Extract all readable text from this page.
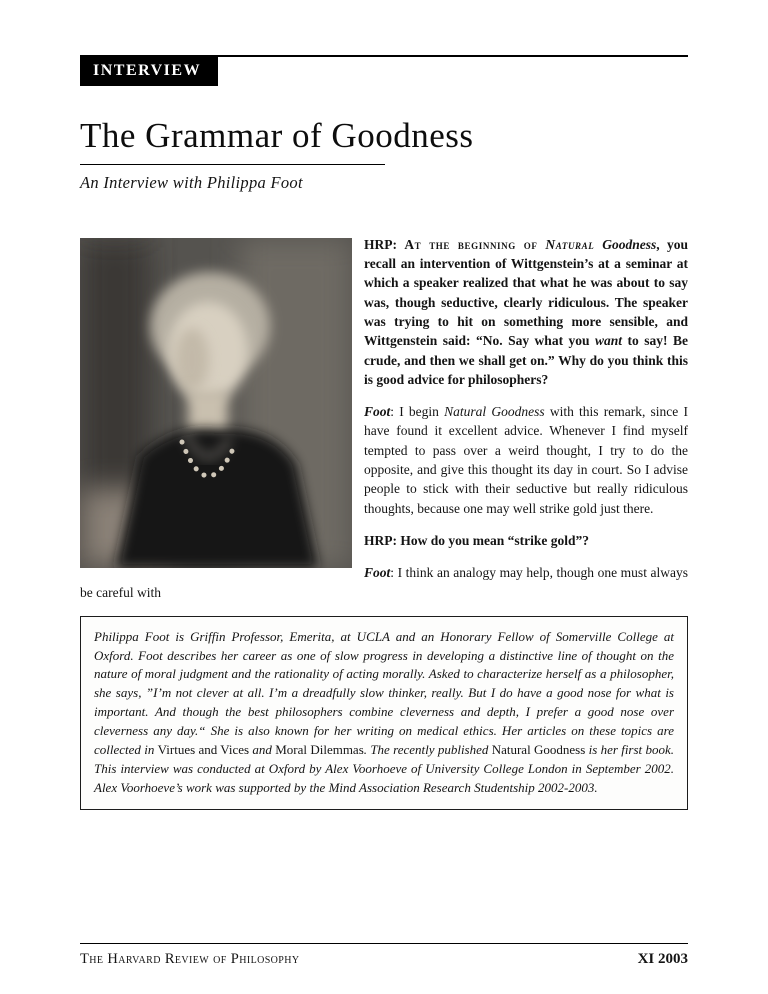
INTERVIEW
The Grammar of Goodness
An Interview with Philippa Foot

HRP: At the beginning of Natural Goodness, you recall an intervention of Wittgenstein’s at a seminar at which a speaker realized that what he was about to say was, though seductive, clearly ridiculous. The speaker was trying to hit on something more sensible, and Wittgenstein said: “No. Say what you want to say! Be crude, and then we shall get on.” Why do you think this is good advice for philosophers?

Foot: I begin Natural Goodness with this remark, since I have found it excellent advice. Whenever I find myself tempted to pass over a weird thought, I try to do the opposite, and give this thought its day in court. So I advise people to stick with their seductive but really ridiculous thoughts, because one may well strike gold just there.

HRP: How do you mean “strike gold”?

Foot: I think an analogy may help, though one must always be careful with

Philippa Foot is Griffin Professor, Emerita, at UCLA and an Honorary Fellow of Somerville College at Oxford. Foot describes her career as one of slow progress in developing a distinctive line of thought on the nature of moral judgment and the rationality of acting morally. Asked to characterize herself as a philosopher, she says, ”I’m not clever at all. I’m a dreadfully slow thinker, really. But I do have a good nose for what is important. And though the best philosophers combine cleverness and depth, I prefer a good nose over cleverness any day.“ She is also known for her writing on medical ethics. Her articles on these topics are collected in Virtues and Vices and Moral Dilemmas. The recently published Natural Goodness is her first book. This interview was conducted at Oxford by Alex Voorhoeve of University College London in September 2002. Alex Voorhoeve’s work was supported by the Mind Association Research Studentship 2002-2003.

The Harvard Review of Philosophy	XI 2003
